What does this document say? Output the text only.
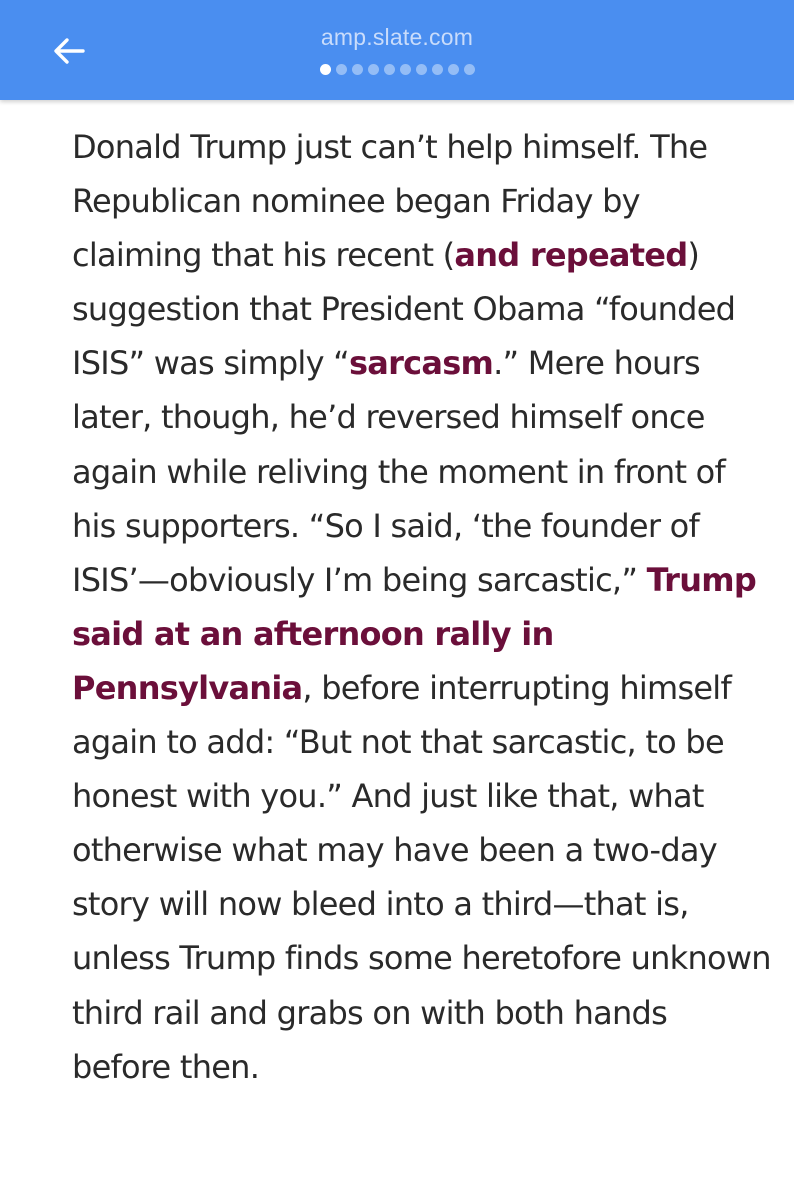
amp.slate.com

Donald Trump just can’t help himself. The Republican nominee began Friday by claiming that his recent (and repeated) suggestion that President Obama “founded ISIS” was simply “sarcasm.” Mere hours later, though, he’d reversed himself once again while reliving the moment in front of his supporters. “So I said, ‘the founder of ISIS’—obviously I’m being sarcastic,” Trump said at an afternoon rally in Pennsylvania, before interrupting himself again to add: “But not that sarcastic, to be honest with you.” And just like that, what otherwise what may have been a two-day story will now bleed into a third—that is, unless Trump finds some heretofore unknown third rail and grabs on with both hands before then.
